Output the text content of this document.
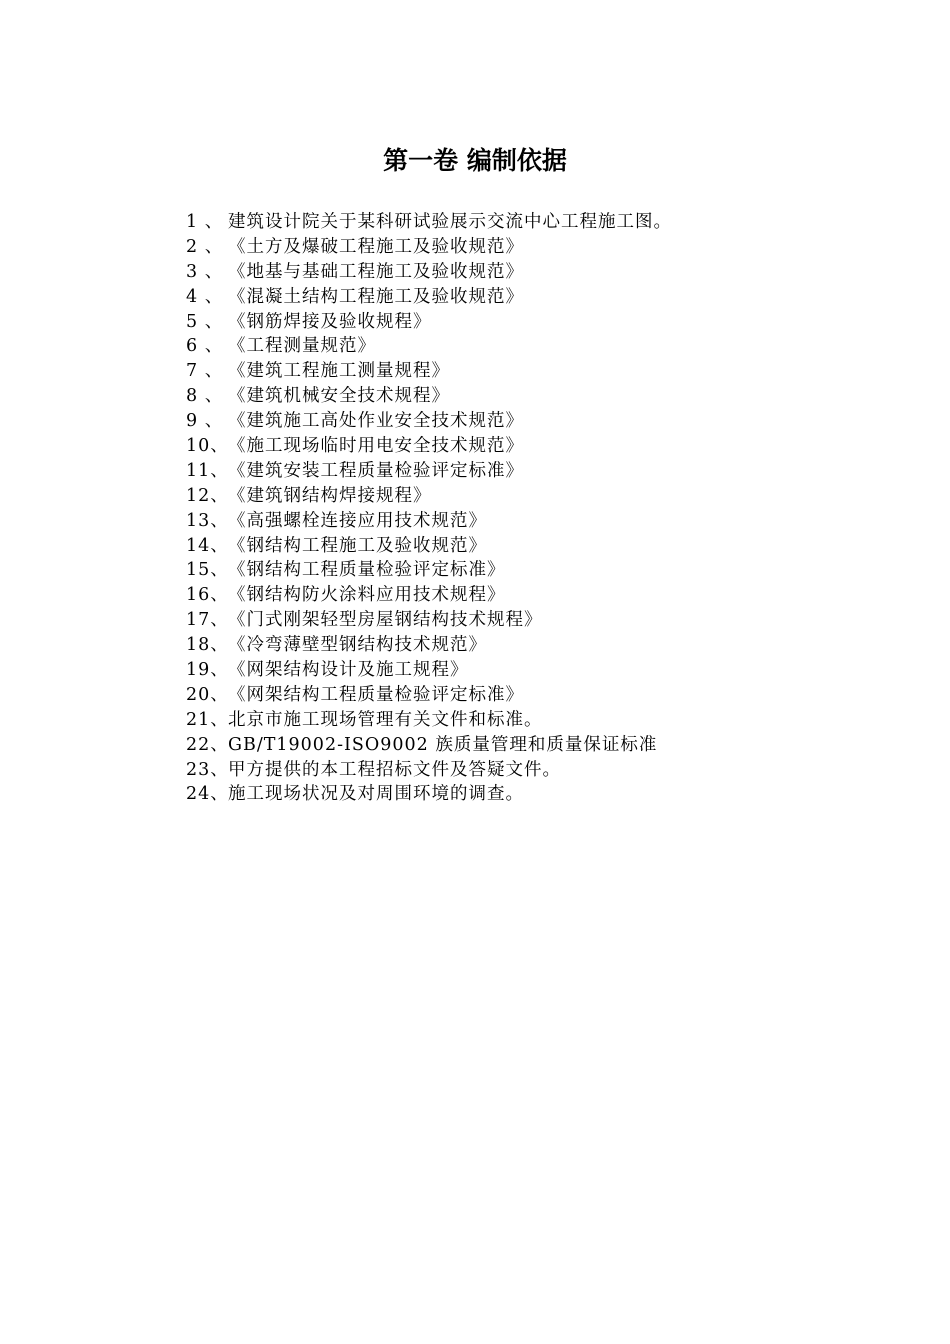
第一卷 编制依据
1 、 建筑设计院关于某科研试验展示交流中心工程施工图。
2 、 《土方及爆破工程施工及验收规范》
3 、 《地基与基础工程施工及验收规范》
4 、 《混凝土结构工程施工及验收规范》
5 、 《钢筋焊接及验收规程》
6 、 《工程测量规范》
7 、 《建筑工程施工测量规程》
8 、 《建筑机械安全技术规程》
9 、 《建筑施工高处作业安全技术规范》
10、 《施工现场临时用电安全技术规范》
11、 《建筑安装工程质量检验评定标准》
12、 《建筑钢结构焊接规程》
13、 《高强螺栓连接应用技术规范》
14、 《钢结构工程施工及验收规范》
15、 《钢结构工程质量检验评定标准》
16、 《钢结构防火涂料应用技术规程》
17、 《门式刚架轻型房屋钢结构技术规程》
18、 《冷弯薄壁型钢结构技术规范》
19、 《网架结构设计及施工规程》
20、 《网架结构工程质量检验评定标准》
21、 北京市施工现场管理有关文件和标准。
22、 GB/T19002-ISO9002 族质量管理和质量保证标准
23、 甲方提供的本工程招标文件及答疑文件。
24、 施工现场状况及对周围环境的调查。
